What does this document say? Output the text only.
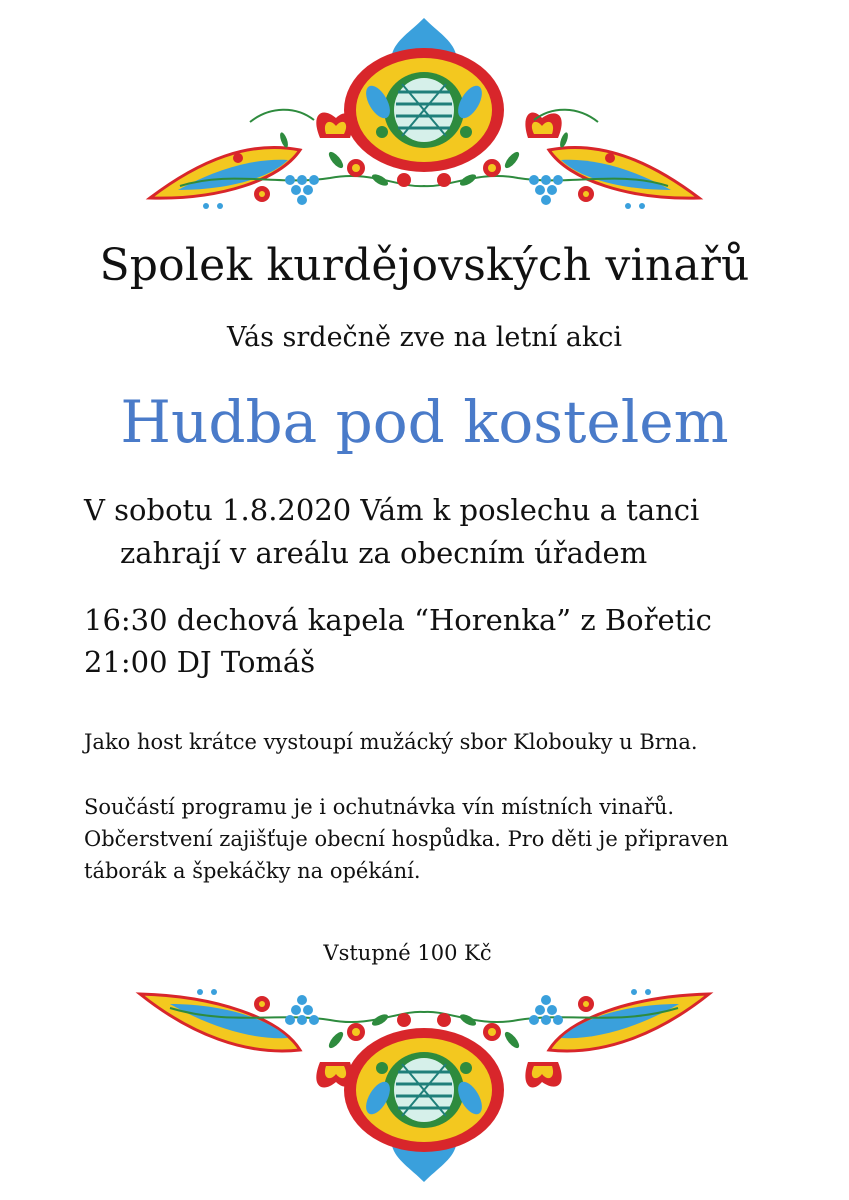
Spolek kurdějovských vinařů
Vás srdečně zve na letní akci
Hudba pod kostelem
V sobotu 1.8.2020 Vám k poslechu a tanci
zahrají v areálu za obecním úřadem
16:30 dechová kapela “Horenka” z Bořetic
21:00 DJ Tomáš
Jako host krátce vystoupí mužácký sbor Klobouky u Brna.
Součástí programu je i ochutnávka vín místních vinařů.
Občerstvení zajišťuje obecní hospůdka. Pro děti je připraven
táborák a špekáčky na opékání.
Vstupné 100 Kč
